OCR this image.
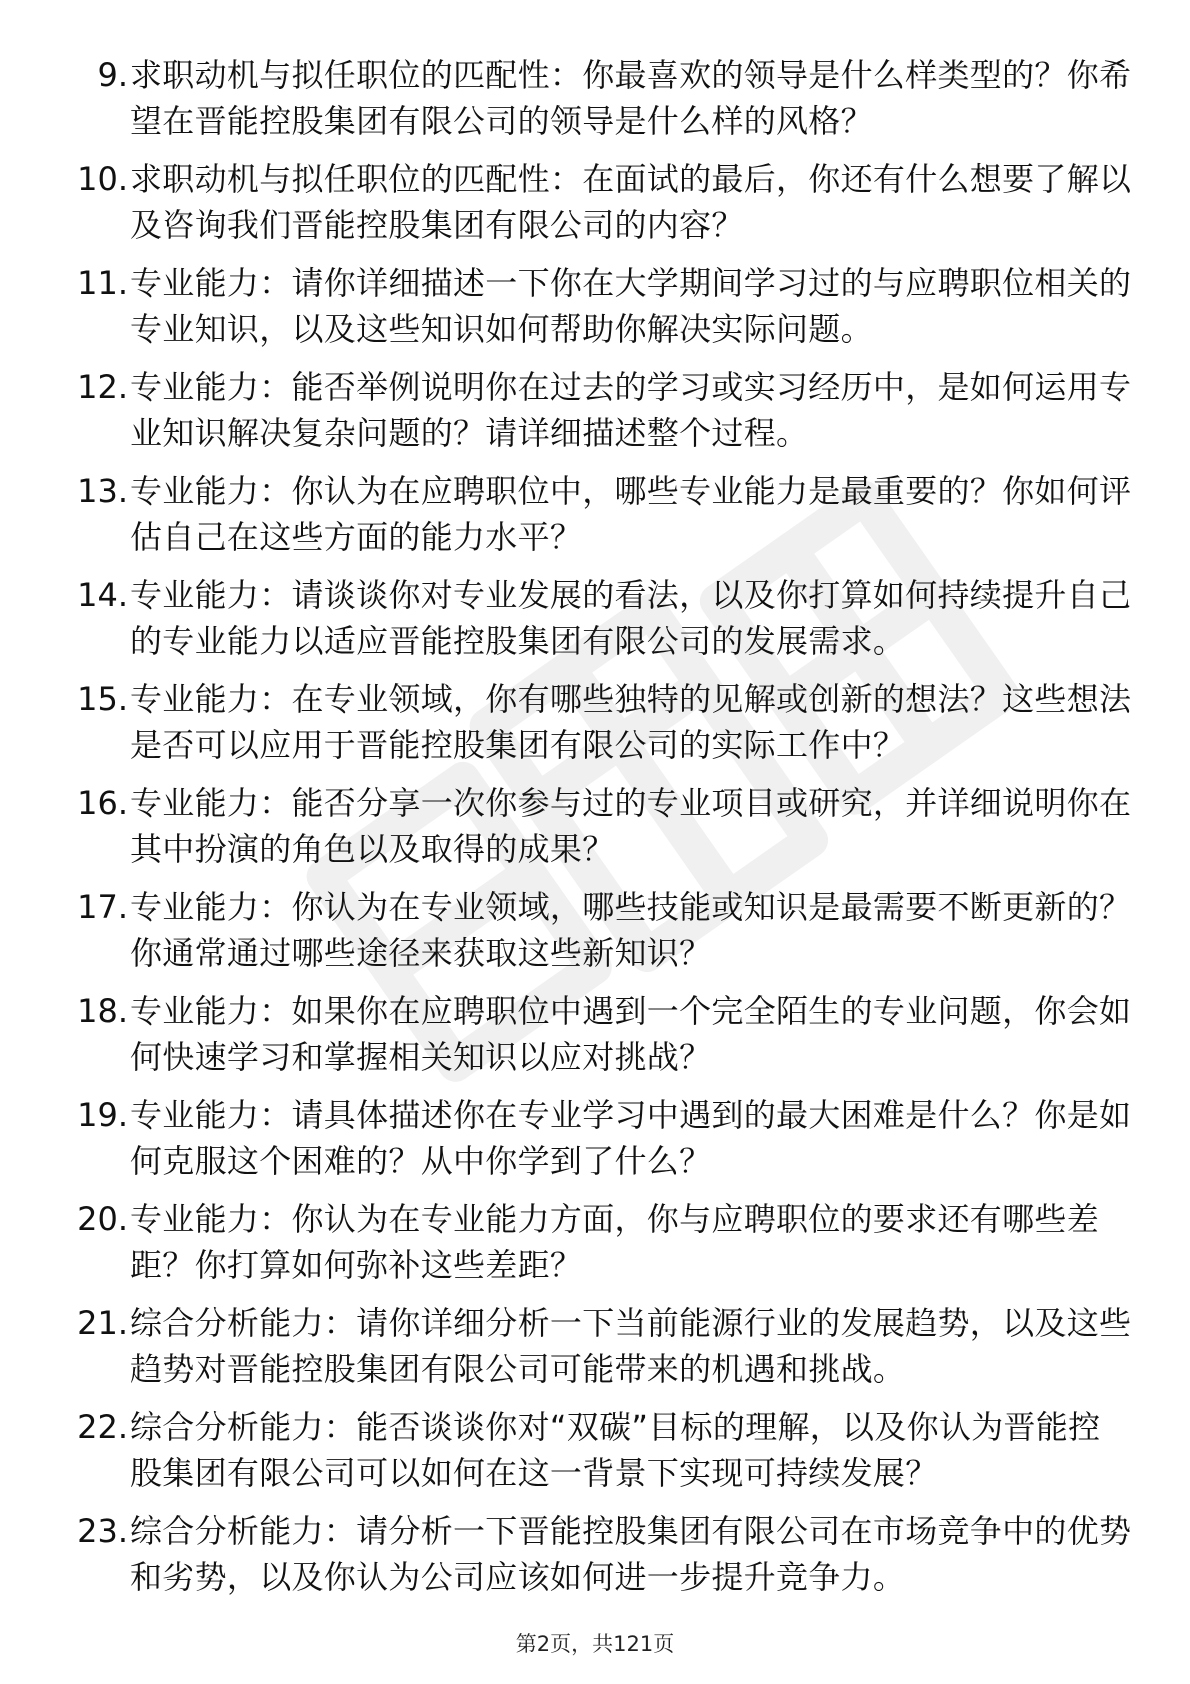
9. 求职动机与拟任职位的匹配性：你最喜欢的领导是什么样类型的？你希望在晋能控股集团有限公司的领导是什么样的风格？
10. 求职动机与拟任职位的匹配性：在面试的最后，你还有什么想要了解以及咨询我们晋能控股集团有限公司的内容？
11. 专业能力：请你详细描述一下你在大学期间学习过的与应聘职位相关的专业知识，以及这些知识如何帮助你解决实际问题。
12. 专业能力：能否举例说明你在过去的学习或实习经历中，是如何运用专业知识解决复杂问题的？请详细描述整个过程。
13. 专业能力：你认为在应聘职位中，哪些专业能力是最重要的？你如何评估自己在这些方面的能力水平？
14. 专业能力：请谈谈你对专业发展的看法，以及你打算如何持续提升自己的专业能力以适应晋能控股集团有限公司的发展需求。
15. 专业能力：在专业领域，你有哪些独特的见解或创新的想法？这些想法是否可以应用于晋能控股集团有限公司的实际工作中？
16. 专业能力：能否分享一次你参与过的专业项目或研究，并详细说明你在其中扮演的角色以及取得的成果？
17. 专业能力：你认为在专业领域，哪些技能或知识是最需要不断更新的？你通常通过哪些途径来获取这些新知识？
18. 专业能力：如果你在应聘职位中遇到一个完全陌生的专业问题，你会如何快速学习和掌握相关知识以应对挑战？
19. 专业能力：请具体描述你在专业学习中遇到的最大困难是什么？你是如何克服这个困难的？从中你学到了什么？
20. 专业能力：你认为在专业能力方面，你与应聘职位的要求还有哪些差距？你打算如何弥补这些差距？
21. 综合分析能力：请你详细分析一下当前能源行业的发展趋势，以及这些趋势对晋能控股集团有限公司可能带来的机遇和挑战。
22. 综合分析能力：能否谈谈你对“双碳”目标的理解，以及你认为晋能控股集团有限公司可以如何在这一背景下实现可持续发展？
23. 综合分析能力：请分析一下晋能控股集团有限公司在市场竞争中的优势和劣势，以及你认为公司应该如何进一步提升竞争力。
第2页，共121页
